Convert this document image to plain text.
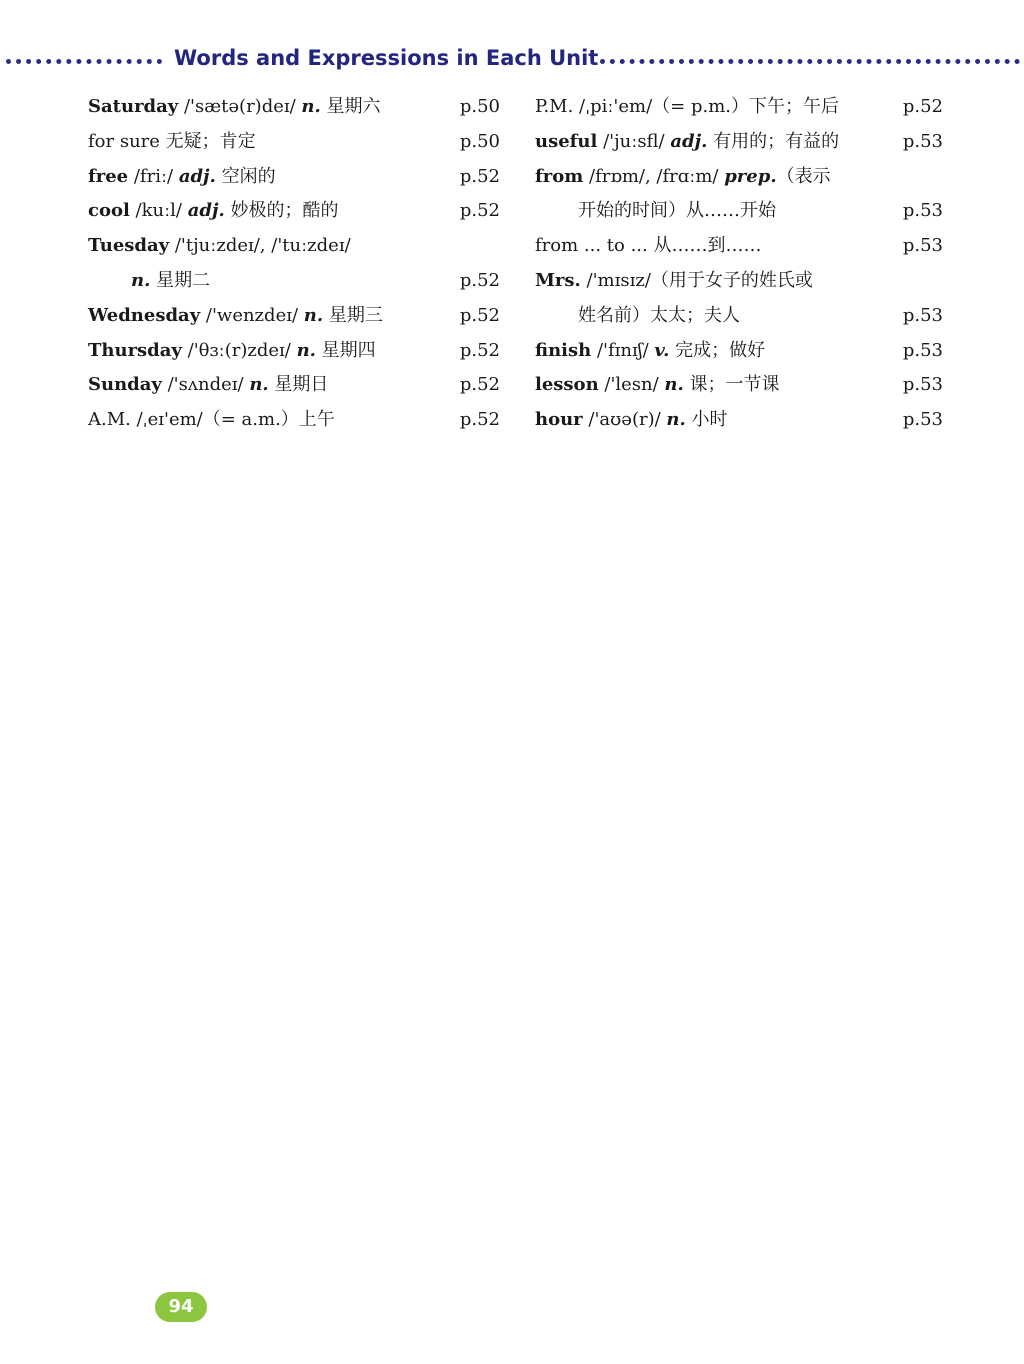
Words and Expressions in Each Unit
Saturday /'sætə(r)deɪ/ n. 星期六	p.50
for sure 无疑；肯定	p.50
free /friː/ adj. 空闲的	p.52
cool /kuːl/ adj. 妙极的；酷的	p.52
Tuesday /'tjuːzdeɪ/, /'tuːzdeɪ/
n. 星期二	p.52
Wednesday /'wenzdeɪ/ n. 星期三	p.52
Thursday /'θɜː(r)zdeɪ/ n. 星期四	p.52
Sunday /'sʌndeɪ/ n. 星期日	p.52
A.M. /ˌeɪ'em/（= a.m.）上午	p.52
P.M. /ˌpiː'em/（= p.m.）下午；午后	p.52
useful /'juːsfl/ adj. 有用的；有益的	p.53
from /frɒm/, /frɑːm/ prep.（表示
开始的时间）从……开始	p.53
from ... to ... 从……到……	p.53
Mrs. /'mɪsɪz/（用于女子的姓氏或
姓名前）太太；夫人	p.53
finish /'fɪnɪʃ/ v. 完成；做好	p.53
lesson /'lesn/ n. 课；一节课	p.53
hour /'aʊə(r)/ n. 小时	p.53
94
